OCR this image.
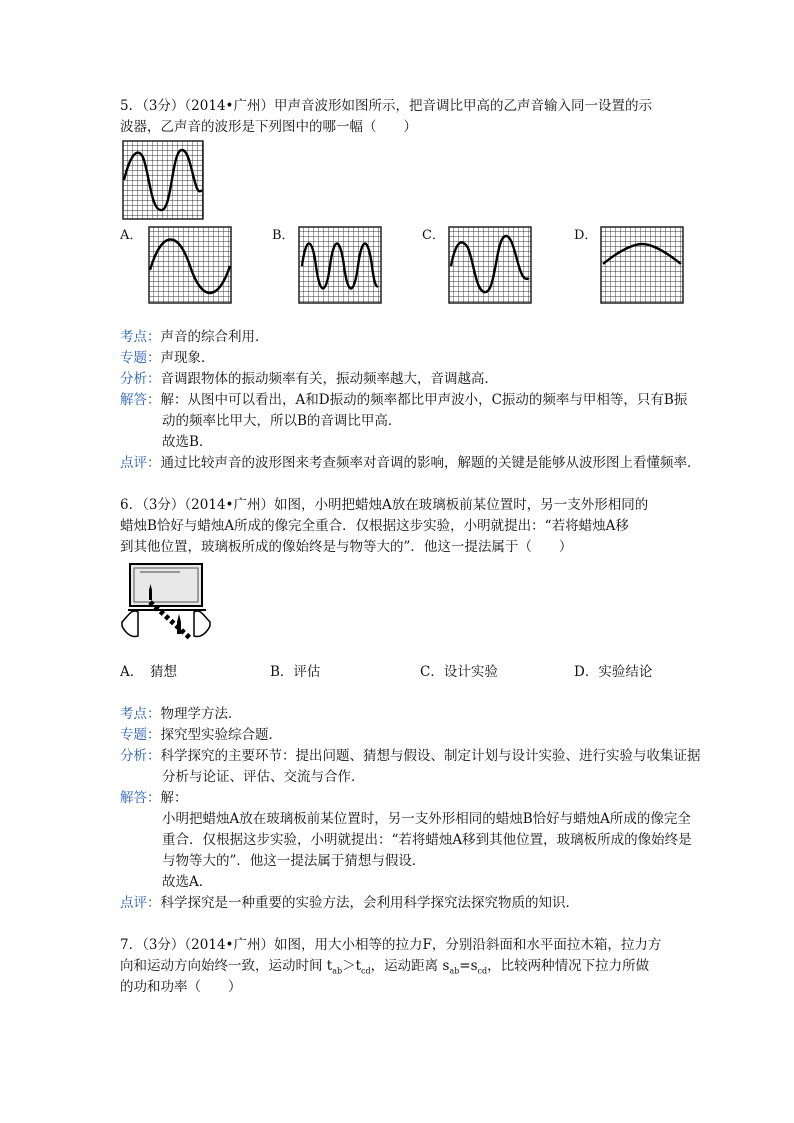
5．（3分）（2014•广州）甲声音波形如图所示，把音调比甲高的乙声音输入同一设置的示
波器，乙声音的波形是下列图中的哪一幅（　　）
A．	B．	C．	D．
考点：声音的综合利用．
专题：声现象．
分析：音调跟物体的振动频率有关，振动频率越大，音调越高．
解答：解：从图中可以看出，A和D振动的频率都比甲声波小，C振动的频率与甲相等，只有B振
动的频率比甲大，所以B的音调比甲高．
故选B．
点评：通过比较声音的波形图来考查频率对音调的影响，解题的关键是能够从波形图上看懂频率．
6．（3分）（2014•广州）如图，小明把蜡烛A放在玻璃板前某位置时，另一支外形相同的
蜡烛B恰好与蜡烛A所成的像完全重合．仅根据这步实验，小明就提出：“若将蜡烛A移
到其他位置，玻璃板所成的像始终是与物等大的”．他这一提法属于（　　）
A．　猜想	B．评估	C．设计实验	D．实验结论
考点：物理学方法．
专题：探究型实验综合题．
分析：科学探究的主要环节：提出问题、猜想与假设、制定计划与设计实验、进行实验与收集证据
分析与论证、评估、交流与合作．
解答：解：
小明把蜡烛A放在玻璃板前某位置时，另一支外形相同的蜡烛B恰好与蜡烛A所成的像完全
重合．仅根据这步实验，小明就提出：“若将蜡烛A移到其他位置，玻璃板所成的像始终是
与物等大的”．他这一提法属于猜想与假设．
故选A．
点评：科学探究是一种重要的实验方法，会利用科学探究法探究物质的知识．
7．（3分）（2014•广州）如图，用大小相等的拉力F，分别沿斜面和水平面拉木箱，拉力方
向和运动方向始终一致，运动时间 $t_{ab}>t_{cd}$，运动距离 $s_{ab}=s_{cd}$，比较两种情况下拉力所做
的功和功率（　　）
